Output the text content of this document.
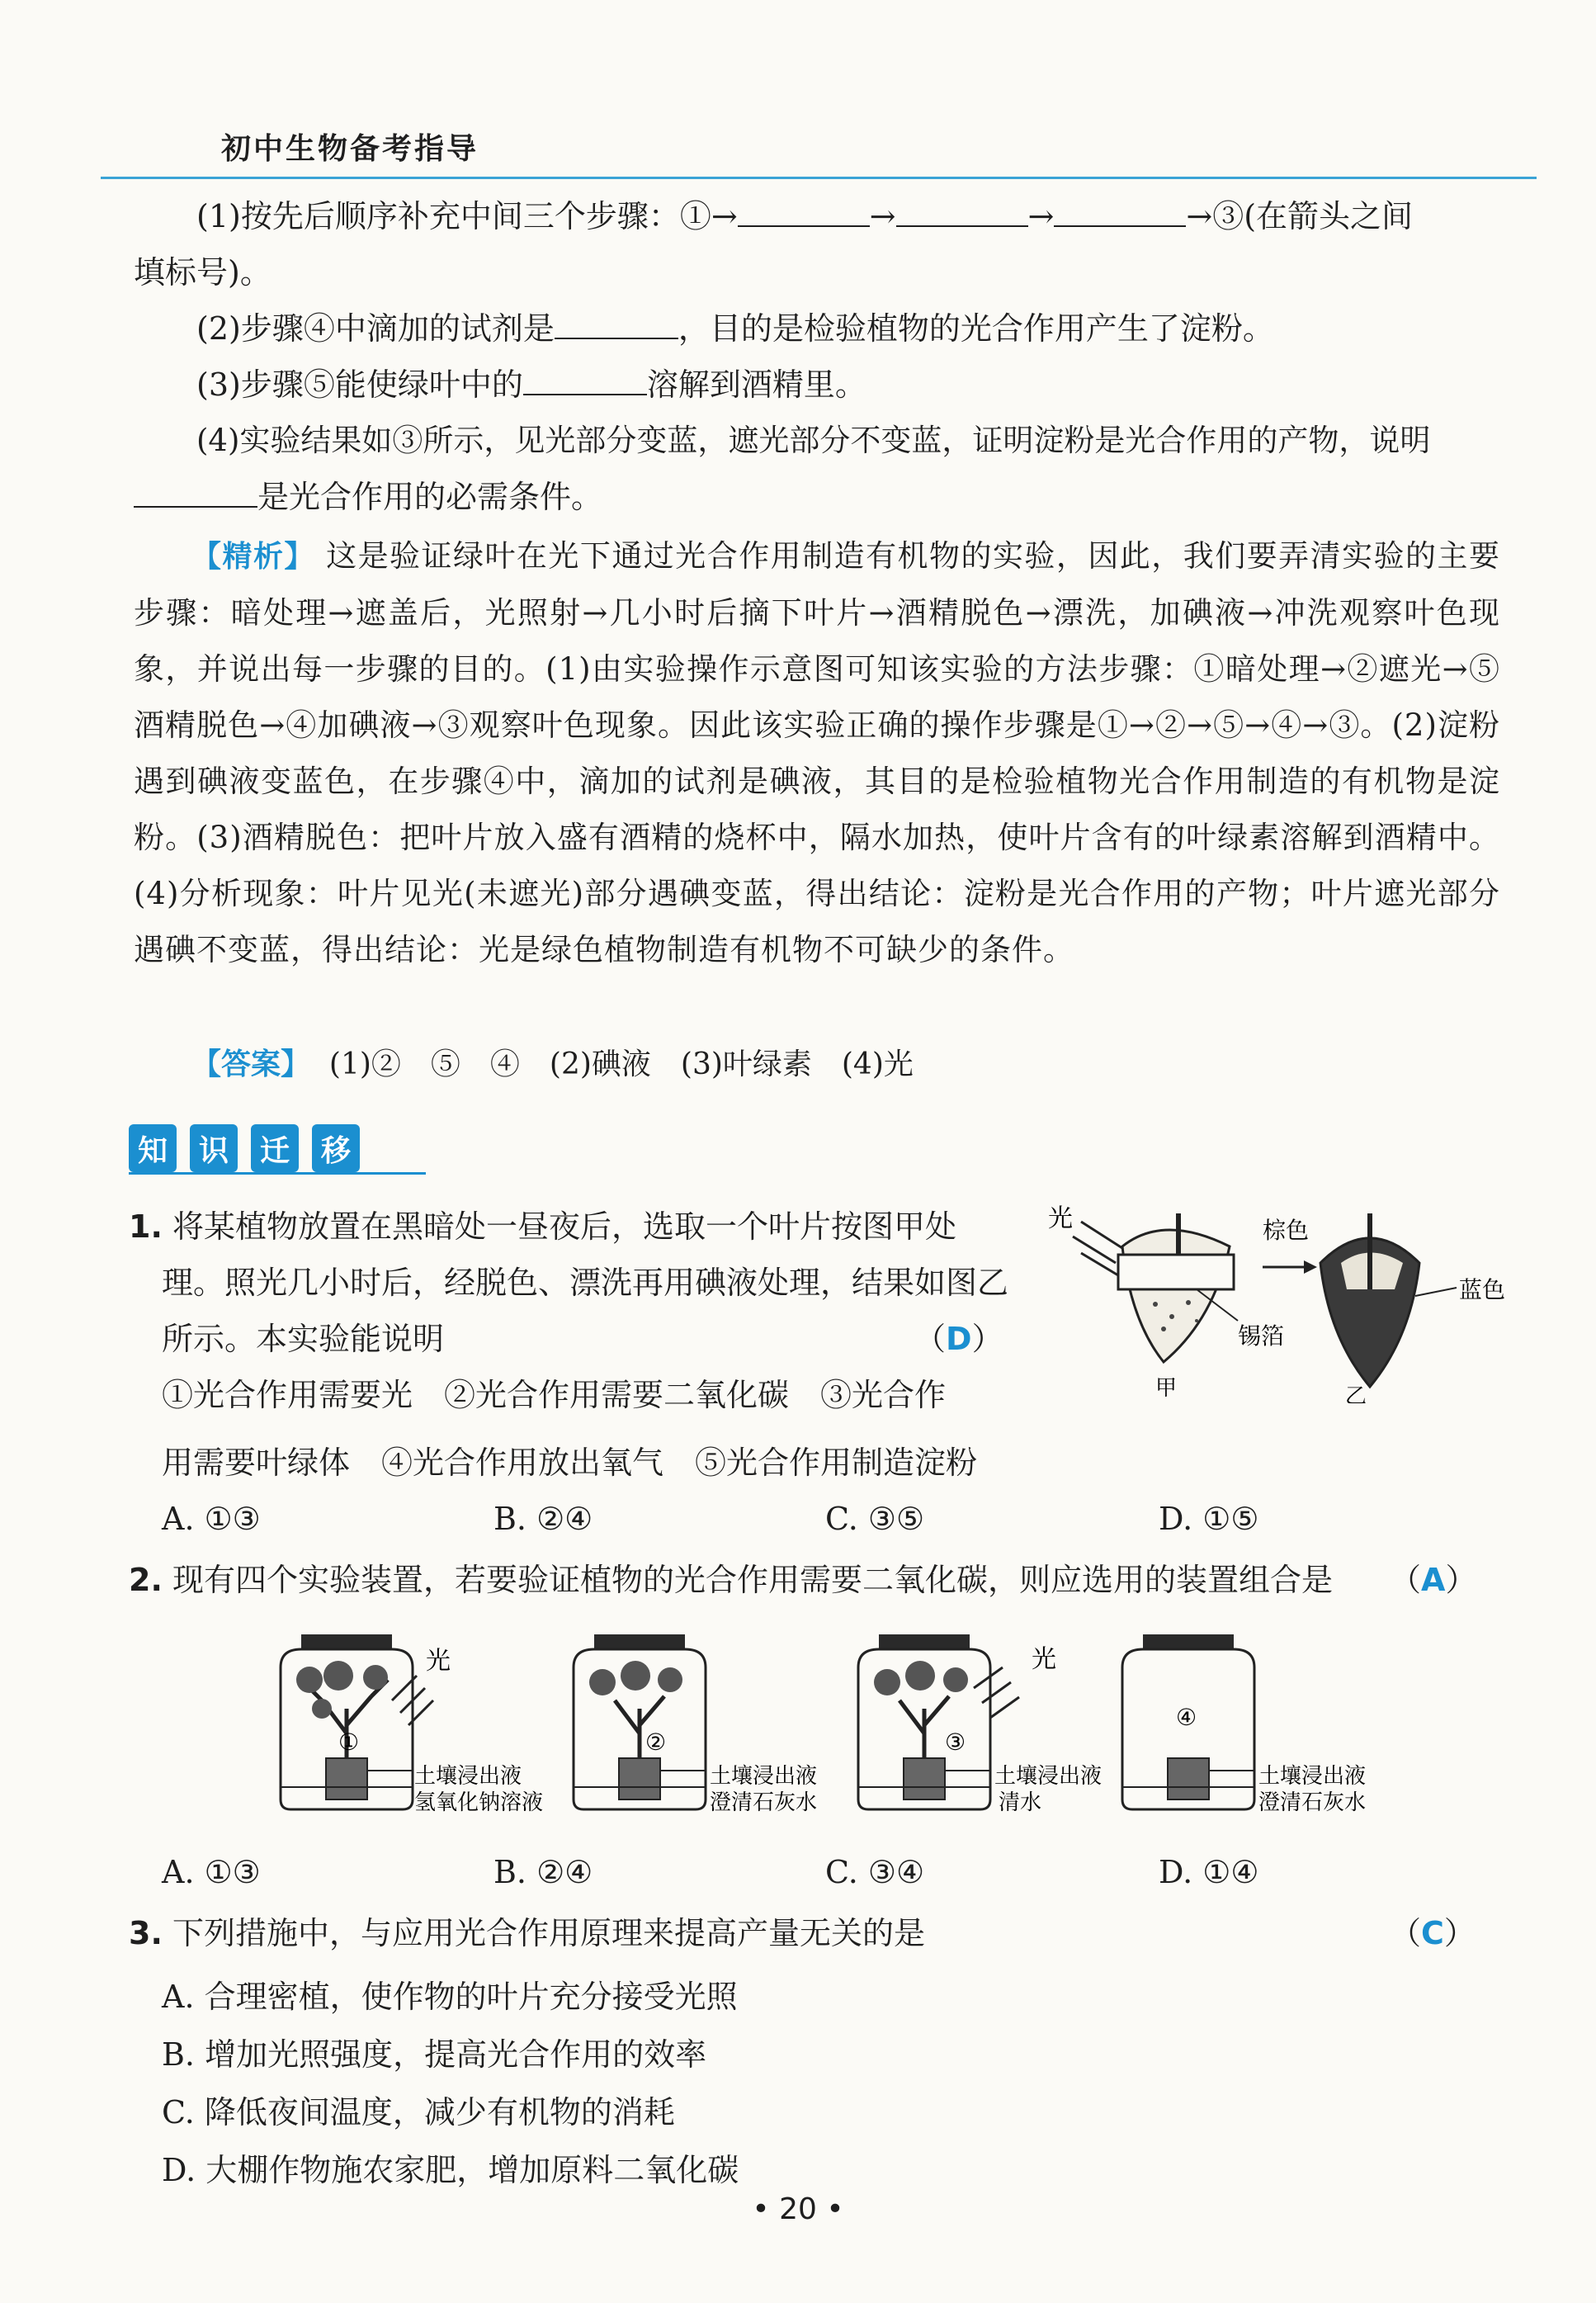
初中生物备考指导
(1)按先后顺序补充中间三个步骤：①→	→	→	→③(在箭头之间
填标号)。
(2)步骤④中滴加的试剂是	，目的是检验植物的光合作用产生了淀粉。
(3)步骤⑤能使绿叶中的	溶解到酒精里。
(4)实验结果如③所示，见光部分变蓝，遮光部分不变蓝，证明淀粉是光合作用的产物，说明
是光合作用的必需条件。
【精析】 这是验证绿叶在光下通过光合作用制造有机物的实验，因此，我们要弄清实验的主要步骤：暗处理→遮盖后，光照射→几小时后摘下叶片→酒精脱色→漂洗，加碘液→冲洗观察叶色现象，并说出每一步骤的目的。(1)由实验操作示意图可知该实验的方法步骤：①暗处理→②遮光→⑤酒精脱色→④加碘液→③观察叶色现象。因此该实验正确的操作步骤是①→②→⑤→④→③。(2)淀粉遇到碘液变蓝色，在步骤④中，滴加的试剂是碘液，其目的是检验植物光合作用制造的有机物是淀粉。(3)酒精脱色：把叶片放入盛有酒精的烧杯中，隔水加热，使叶片含有的叶绿素溶解到酒精中。(4)分析现象：叶片见光(未遮光)部分遇碘变蓝，得出结论：淀粉是光合作用的产物；叶片遮光部分遇碘不变蓝，得出结论：光是绿色植物制造有机物不可缺少的条件。
【答案】 (1)②　⑤　④　(2)碘液　(3)叶绿素　(4)光
知	识	迁	移
1. 将某植物放置在黑暗处一昼夜后，选取一个叶片按图甲处
理。照光几小时后，经脱色、漂洗再用碘液处理，结果如图乙
所示。本实验能说明	（D）
①光合作用需要光　②光合作用需要二氧化碳　③光合作
用需要叶绿体　④光合作用放出氧气　⑤光合作用制造淀粉
A. ①③	B. ②④	C. ③⑤	D. ①⑤
光
锡箔
甲
棕色
蓝色
乙
2. 现有四个实验装置，若要验证植物的光合作用需要二氧化碳，则应选用的装置组合是 （A）
光
①
土壤浸出液
氢氧化钠溶液
②
土壤浸出液
澄清石灰水
光
③
土壤浸出液
清水
④
土壤浸出液
澄清石灰水
A. ①③	B. ②④	C. ③④	D. ①④
3. 下列措施中，与应用光合作用原理来提高产量无关的是	（C）
A. 合理密植，使作物的叶片充分接受光照
B. 增加光照强度，提高光合作用的效率
C. 降低夜间温度，减少有机物的消耗
D. 大棚作物施农家肥，增加原料二氧化碳
• 20 •
